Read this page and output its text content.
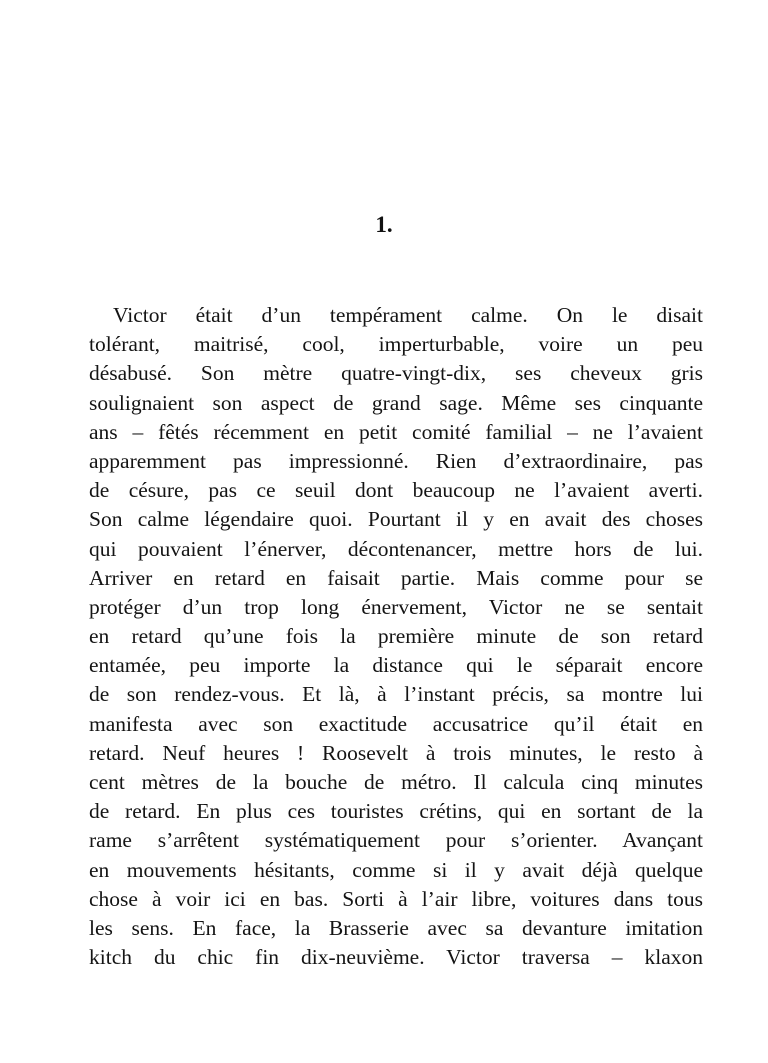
1.
Victor était d’un tempérament calme. On le disait
tolérant, maitrisé, cool, imperturbable, voire un peu
désabusé. Son mètre quatre-vingt-dix, ses cheveux gris
soulignaient son aspect de grand sage. Même ses cinquante
ans – fêtés récemment en petit comité familial – ne l’avaient
apparemment pas impressionné. Rien d’extraordinaire, pas
de césure, pas ce seuil dont beaucoup ne l’avaient averti.
Son calme légendaire quoi. Pourtant il y en avait des choses
qui pouvaient l’énerver, décontenancer, mettre hors de lui.
Arriver en retard en faisait partie. Mais comme pour se
protéger d’un trop long énervement, Victor ne se sentait
en retard qu’une fois la première minute de son retard
entamée, peu importe la distance qui le séparait encore
de son rendez-vous. Et là, à l’instant précis, sa montre lui
manifesta avec son exactitude accusatrice qu’il était en
retard. Neuf heures ! Roosevelt à trois minutes, le resto à
cent mètres de la bouche de métro. Il calcula cinq minutes
de retard. En plus ces touristes crétins, qui en sortant de la
rame s’arrêtent systématiquement pour s’orienter. Avançant
en mouvements hésitants, comme si il y avait déjà quelque
chose à voir ici en bas. Sorti à l’air libre, voitures dans tous
les sens. En face, la Brasserie avec sa devanture imitation
kitch du chic fin dix-neuvième. Victor traversa – klaxon
